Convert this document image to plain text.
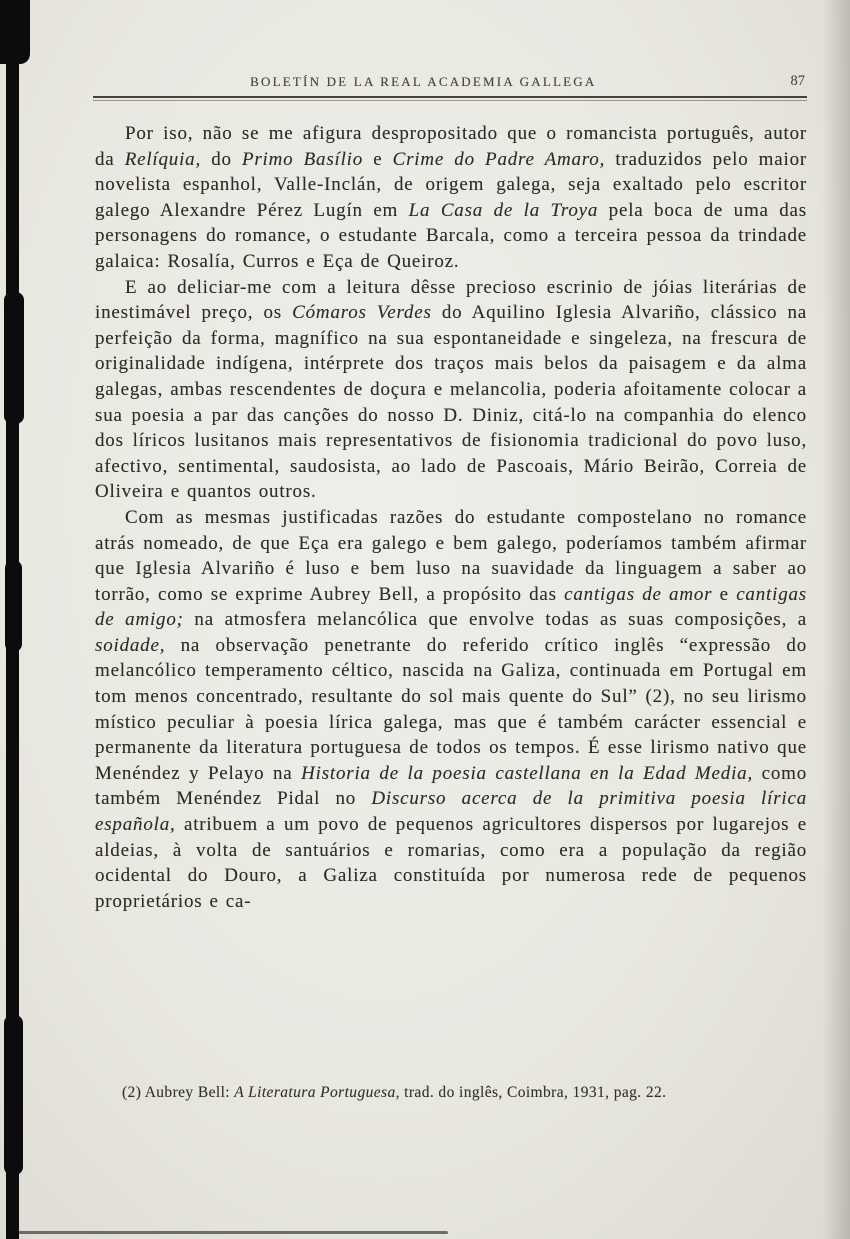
BOLETÍN DE LA REAL ACADEMIA GALLEGA	87

Por iso, não se me afigura despropositado que o romancista português, autor da Relíquia, do Primo Basílio e Crime do Padre Amaro, traduzidos pelo maior novelista espanhol, Valle-Inclán, de origem galega, seja exaltado pelo escritor galego Alexandre Pérez Lugín em La Casa de la Troya pela boca de uma das personagens do romance, o estudante Barcala, como a terceira pessoa da trindade galaica: Rosalía, Curros e Eça de Queiroz.

E ao deliciar-me com a leitura dêsse precioso escrinio de jóias literárias de inestimável preço, os Cómaros Verdes do Aquilino Iglesia Alvariño, clássico na perfeição da forma, magnífico na sua espontaneidade e singeleza, na frescura de originalidade indígena, intérprete dos traços mais belos da paisagem e da alma galegas, ambas rescendentes de doçura e melancolia, poderia afoitamente colocar a sua poesia a par das canções do nosso D. Diniz, citá-lo na companhia do elenco dos líricos lusitanos mais representativos de fisionomia tradicional do povo luso, afectivo, sentimental, saudosista, ao lado de Pascoais, Mário Beirão, Correia de Oliveira e quantos outros.

Com as mesmas justificadas razões do estudante compostelano no romance atrás nomeado, de que Eça era galego e bem galego, poderíamos também afirmar que Iglesia Alvariño é luso e bem luso na suavidade da linguagem a saber ao torrão, como se exprime Aubrey Bell, a propósito das cantigas de amor e cantigas de amigo; na atmosfera melancólica que envolve todas as suas composições, a soidade, na observação penetrante do referido crítico inglês “expressão do melancólico temperamento céltico, nascida na Galiza, continuada em Portugal em tom menos concentrado, resultante do sol mais quente do Sul” (2), no seu lirismo místico peculiar à poesia lírica galega, mas que é também carácter essencial e permanente da literatura portuguesa de todos os tempos. É esse lirismo nativo que Menéndez y Pelayo na Historia de la poesia castellana en la Edad Media, como também Menéndez Pidal no Discurso acerca de la primitiva poesia lírica española, atribuem a um povo de pequenos agricultores dispersos por lugarejos e aldeias, à volta de santuários e romarias, como era a população da região ocidental do Douro, a Galiza constituída por numerosa rede de pequenos proprietários e ca-

(2) Aubrey Bell: A Literatura Portuguesa, trad. do inglês, Coimbra, 1931, pag. 22.
